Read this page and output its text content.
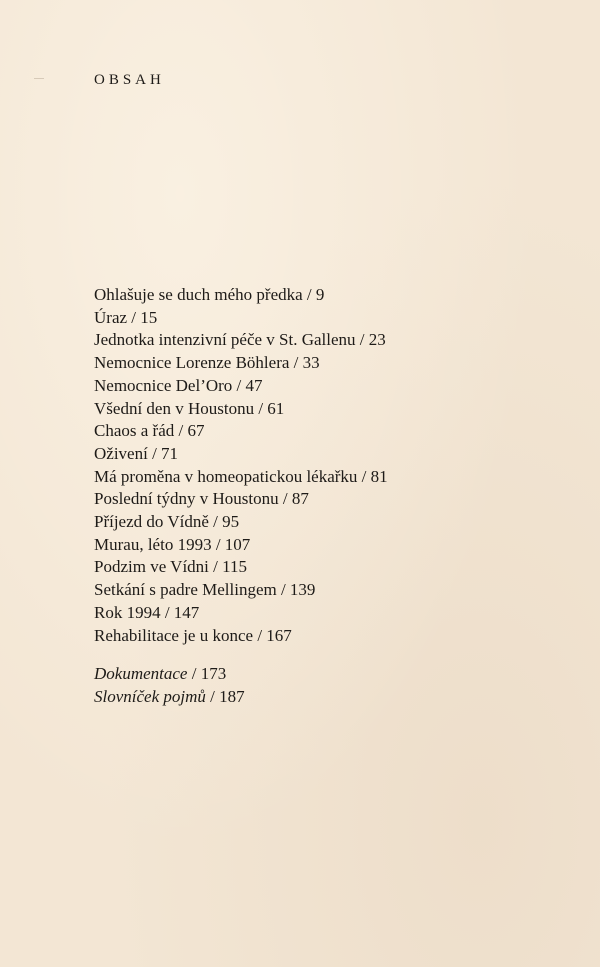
OBSAH
Ohlašuje se duch mého předka / 9
Úraz / 15
Jednotka intenzivní péče v St. Gallenu / 23
Nemocnice Lorenze Böhlera / 33
Nemocnice Del’Oro / 47
Všední den v Houstonu / 61
Chaos a řád / 67
Oživení / 71
Má proměna v homeopatickou lékařku / 81
Poslední týdny v Houstonu / 87
Příjezd do Vídně / 95
Murau, léto 1993 / 107
Podzim ve Vídni / 115
Setkání s padre Mellingem / 139
Rok 1994 / 147
Rehabilitace je u konce / 167
Dokumentace / 173
Slovníček pojmů / 187
